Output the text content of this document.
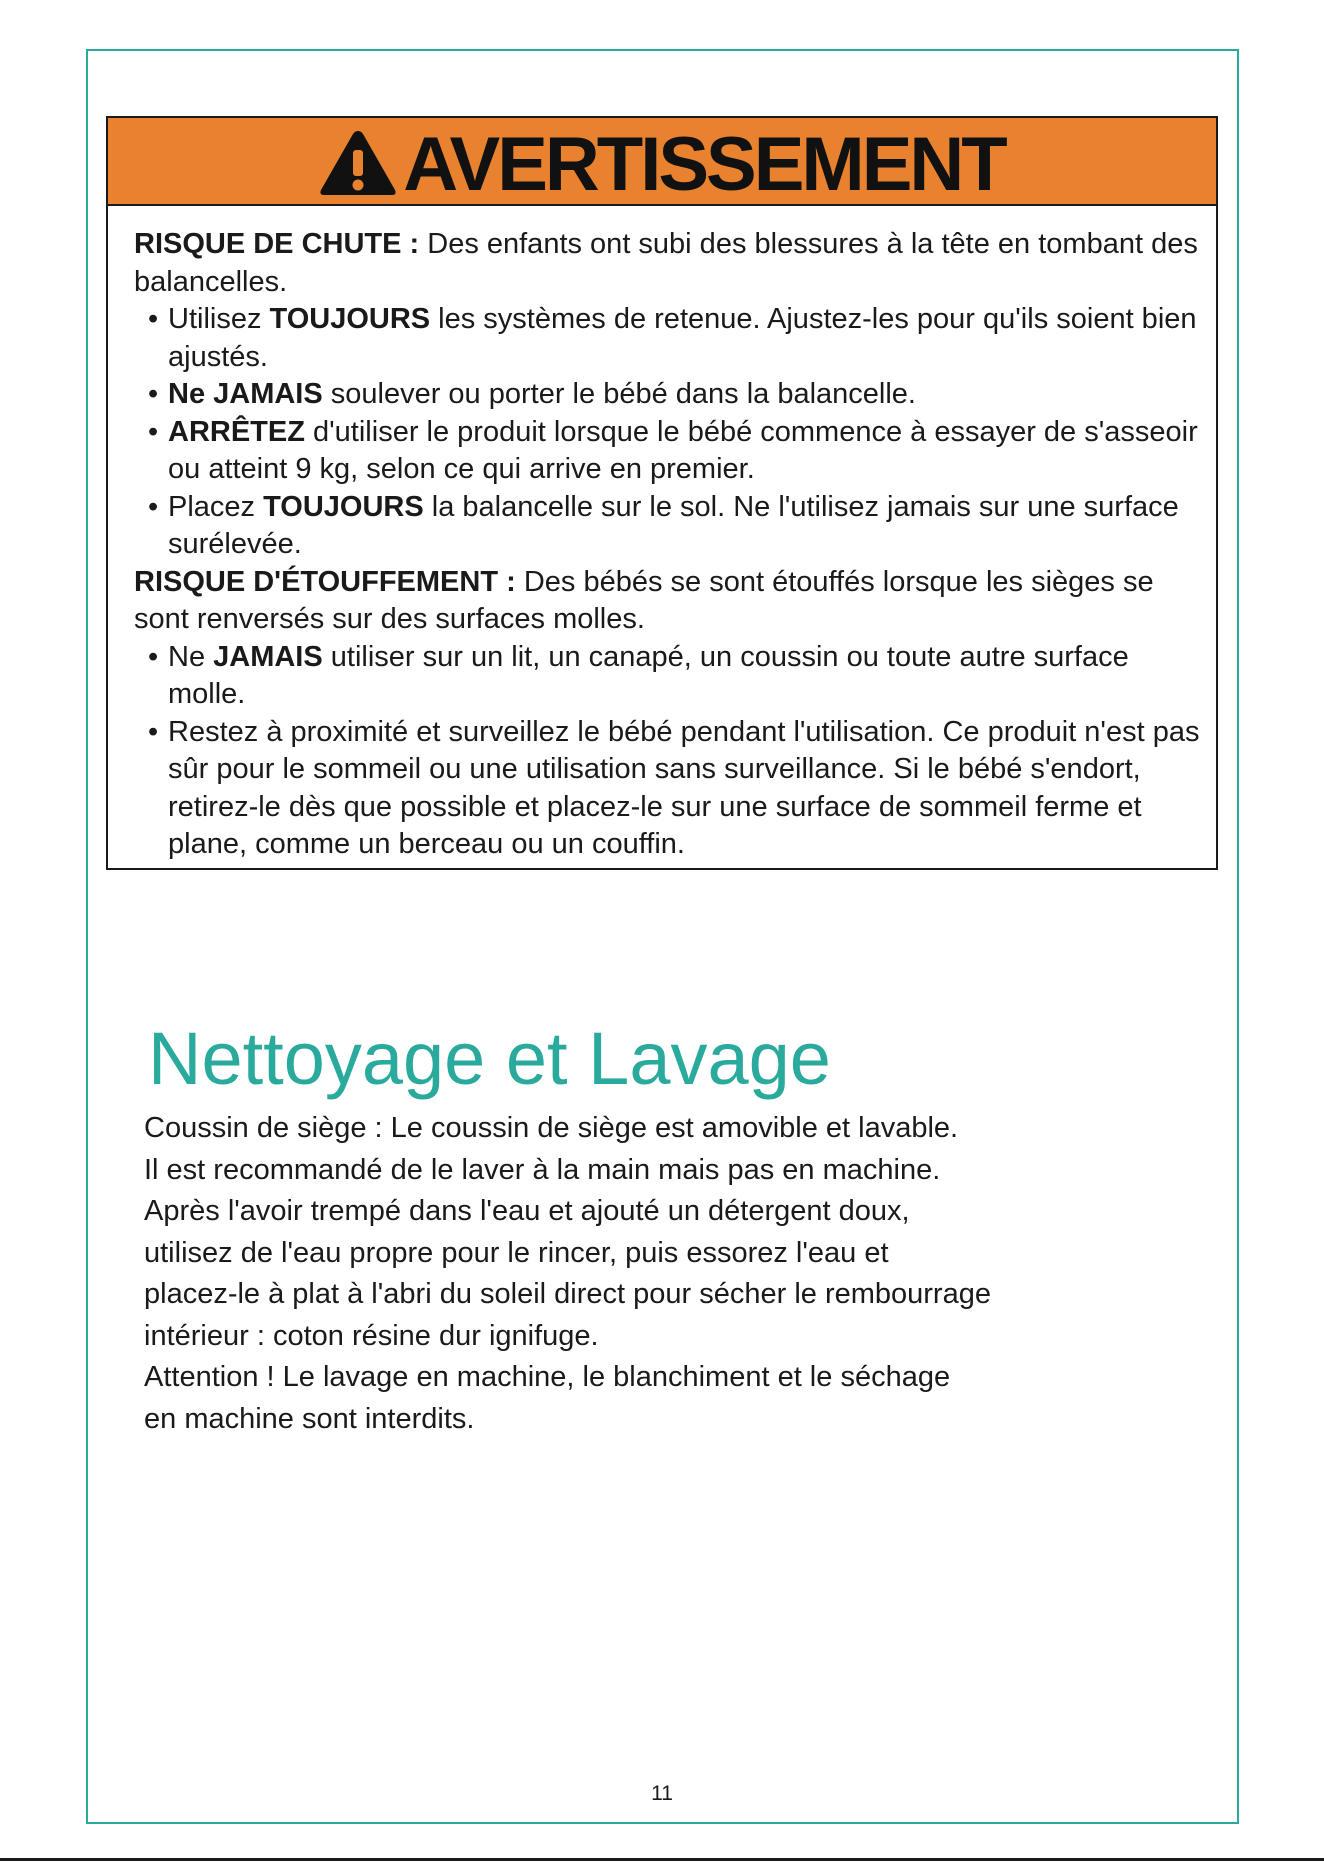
AVERTISSEMENT

RISQUE DE CHUTE : Des enfants ont subi des blessures à la tête en tombant des balancelles.

• Utilisez TOUJOURS les systèmes de retenue. Ajustez-les pour qu'ils soient bien ajustés.

• Ne JAMAIS soulever ou porter le bébé dans la balancelle.

• ARRÊTEZ d'utiliser le produit lorsque le bébé commence à essayer de s'asseoir ou atteint 9 kg, selon ce qui arrive en premier.

• Placez TOUJOURS la balancelle sur le sol. Ne l'utilisez jamais sur une surface surélevée.

RISQUE D'ÉTOUFFEMENT : Des bébés se sont étouffés lorsque les sièges se sont renversés sur des surfaces molles.

• Ne JAMAIS utiliser sur un lit, un canapé, un coussin ou toute autre surface molle.

• Restez à proximité et surveillez le bébé pendant l'utilisation. Ce produit n'est pas sûr pour le sommeil ou une utilisation sans surveillance. Si le bébé s'endort, retirez-le dès que possible et placez-le sur une surface de sommeil ferme et plane, comme un berceau ou un couffin.

Nettoyage et Lavage
Coussin de siège : Le coussin de siège est amovible et lavable.
Il est recommandé de le laver à la main mais pas en machine.
Après l'avoir trempé dans l'eau et ajouté un détergent doux,
utilisez de l'eau propre pour le rincer, puis essorez l'eau et
placez-le à plat à l'abri du soleil direct pour sécher le rembourrage
intérieur : coton résine dur ignifuge.
Attention ! Le lavage en machine, le blanchiment et le séchage
en machine sont interdits.
11
